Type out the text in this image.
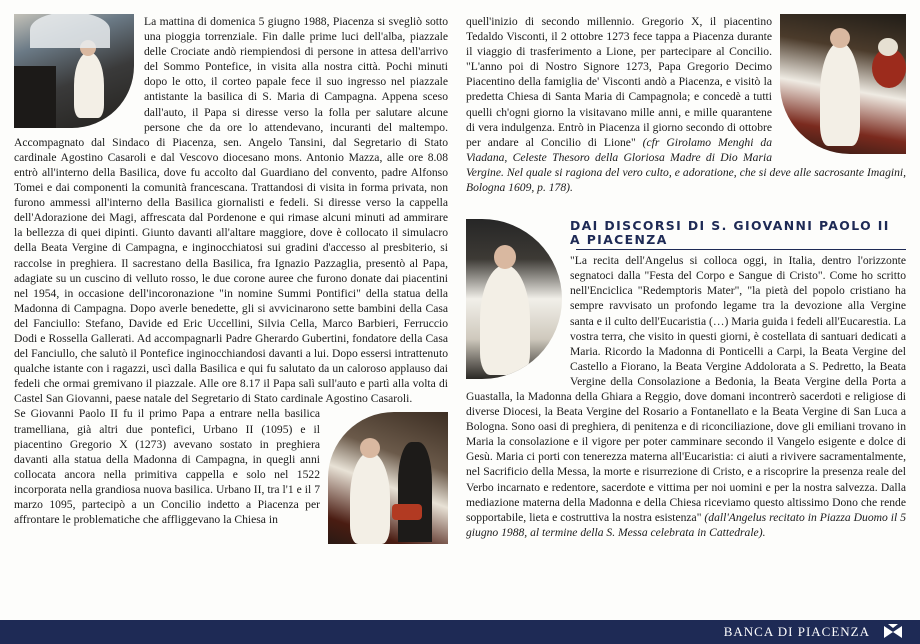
La mattina di domenica 5 giugno 1988, Piacenza si svegliò sotto una pioggia torrenziale. Fin dalle prime luci dell'alba, piazzale delle Crociate andò riempiendosi di persone in attesa dell'arrivo del Sommo Pontefice, in visita alla nostra città. Pochi minuti dopo le otto, il corteo papale fece il suo ingresso nel piazzale antistante la basilica di S. Maria di Campagna. Appena sceso dall'auto, il Papa si diresse verso la folla per salutare alcune persone che da ore lo attendevano, incuranti del maltempo. Accompagnato dal Sindaco di Piacenza, sen. Angelo Tansini, dal Segretario di Stato cardinale Agostino Casaroli e dal Vescovo diocesano mons. Antonio Mazza, alle ore 8.08 entrò all'interno della Basilica, dove fu accolto dal Guardiano del convento, padre Alfonso Tomei e dai componenti la comunità francescana. Trattandosi di visita in forma privata, non furono ammessi all'interno della Basilica giornalisti e fedeli. Si diresse verso la cappella dell'Adorazione dei Magi, affrescata dal Pordenone e qui rimase alcuni minuti ad ammirare la bellezza di quei dipinti. Giunto davanti all'altare maggiore, dove è collocato il simulacro della Beata Vergine di Campagna, e inginocchiatosi sui gradini d'accesso al presbiterio, si raccolse in preghiera. Il sacrestano della Basilica, fra Ignazio Pazzaglia, presentò al Papa, adagiate su un cuscino di velluto rosso, le due corone auree che furono donate dai piacentini nel 1954, in occasione dell'incoronazione "in nomine Summi Pontifici" della statua della Madonna di Campagna. Dopo averle benedette, gli si avvicinarono sette bambini della Casa del Fanciullo: Stefano, Davide ed Eric Uccellini, Silvia Cella, Marco Barbieri, Ferruccio Dodi e Rossella Gallerati. Ad accompagnarli Padre Gherardo Gubertini, fondatore della Casa del Fanciullo, che salutò il Pontefice inginocchiandosi davanti a lui. Dopo essersi intrattenuto qualche istante con i ragazzi, uscì dalla Basilica e qui fu salutato da un caloroso applauso dai fedeli che ormai gremivano il piazzale. Alle ore 8.17 il Papa salì sull'auto e partì alla volta di Castel San Giovanni, paese natale del Segretario di Stato cardinale Agostino Casaroli.

Se Giovanni Paolo II fu il primo Papa a entrare nella basilica tramelliana, già altri due pontefici, Urbano II (1095) e il piacentino Gregorio X (1273) avevano sostato in preghiera davanti alla statua della Madonna di Campagna, in quegli anni collocata ancora nella primitiva cappella e solo nel 1522 incorporata nella grandiosa nuova basilica. Urbano II, tra l'1 e il 7 marzo 1095, partecipò a un Concilio indetto a Piacenza per affrontare le problematiche che affliggevano la Chiesa in

quell'inizio di secondo millennio. Gregorio X, il piacentino Tedaldo Visconti, il 2 ottobre 1273 fece tappa a Piacenza durante il viaggio di trasferimento a Lione, per partecipare al Concilio. "L'anno poi di Nostro Signore 1273, Papa Gregorio Decimo Piacentino della famiglia de' Visconti andò a Piacenza, e visitò la predetta Chiesa di Santa Maria di Campagnola; e concedè a tutti quelli ch'ogni giorno la visitavano mille anni, e mille quarantene di vera indulgenza. Entrò in Piacenza il giorno secondo di ottobre per andare al Concilio di Lione" (cfr Girolamo Menghi da Viadana, Celeste Thesoro della Gloriosa Madre di Dio Maria Vergine. Nel quale si ragiona del vero culto, e adoratione, che si deve alle sacrosante Imagini, Bologna 1609, p. 178).

DAI DISCORSI DI S. GIOVANNI PAOLO II A PIACENZA

"La recita dell'Angelus si colloca oggi, in Italia, dentro l'orizzonte segnatoci dalla "Festa del Corpo e Sangue di Cristo". Come ho scritto nell'Enciclica "Redemptoris Mater", "la pietà del popolo cristiano ha sempre ravvisato un profondo legame tra la devozione alla Vergine santa e il culto dell'Eucaristia (…) Maria guida i fedeli all'Eucarestia. La vostra terra, che visito in questi giorni, è costellata di santuari dedicati a Maria. Ricordo la Madonna di Ponticelli a Carpi, la Beata Vergine del Castello a Fiorano, la Beata Vergine Addolorata a S. Pedretto, la Beata Vergine della Consolazione a Bedonia, la Beata Vergine della Porta a Guastalla, la Madonna della Ghiara a Reggio, dove domani incontrerò sacerdoti e religiose di diverse Diocesi, la Beata Vergine del Rosario a Fontanellato e la Beata Vergine di San Luca a Bologna. Sono oasi di preghiera, di penitenza e di riconciliazione, dove gli emiliani trovano in Maria la consolazione e il vigore per poter camminare secondo il Vangelo esigente e dolce di Gesù. Maria ci porti con tenerezza materna all'Eucaristia: ci aiuti a rivivere sacramentalmente, nel Sacrificio della Messa, la morte e risurrezione di Cristo, e a riscoprire la presenza reale del Verbo incarnato e redentore, sacerdote e vittima per noi uomini e per la nostra salvezza. Dalla mediazione materna della Madonna e della Chiesa riceviamo questo altissimo Dono che rende sopportabile, lieta e costruttiva la nostra esistenza" (dall'Angelus recitato in Piazza Duomo il 5 giugno 1988, al termine della S. Messa celebrata in Cattedrale).

BANCA DI PIACENZA
